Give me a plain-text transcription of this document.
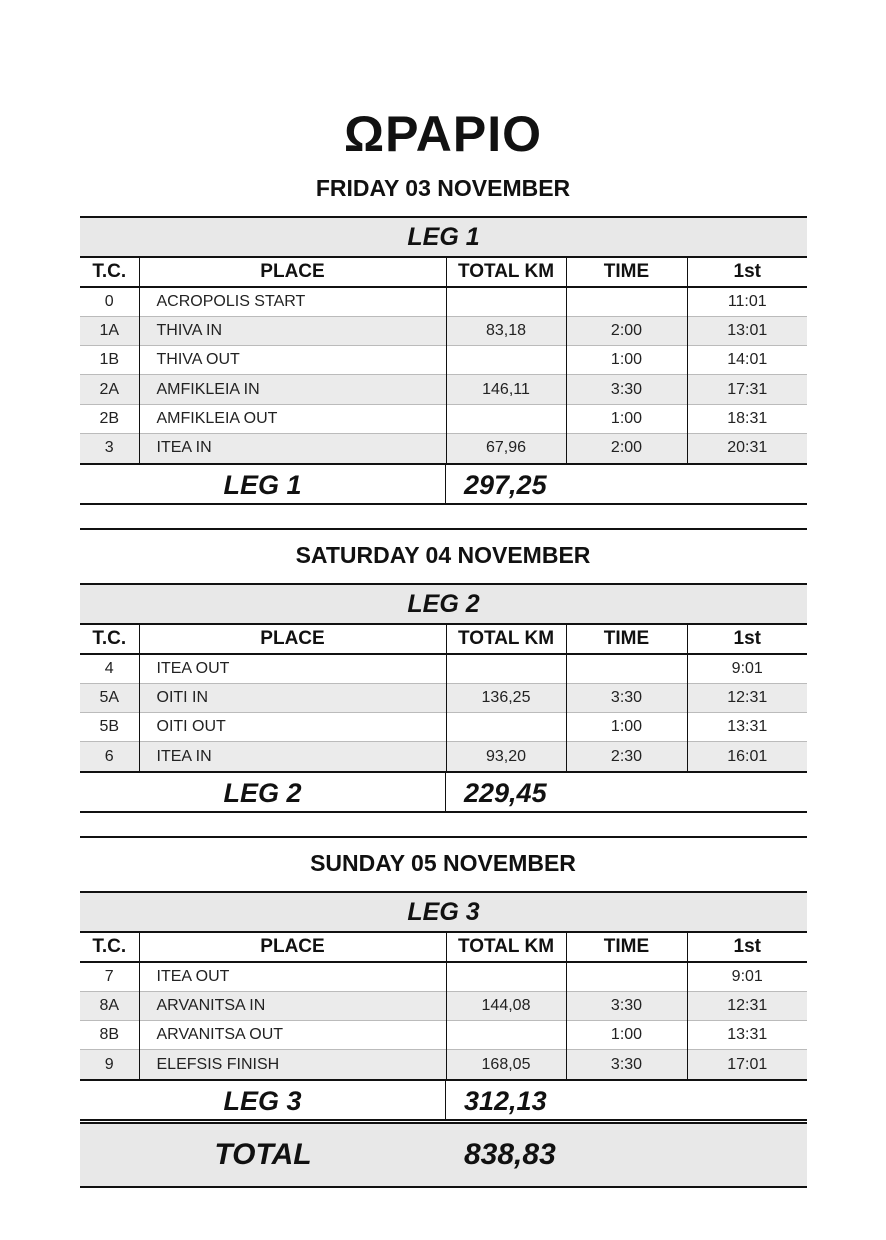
ΩΡΑΡΙΟ
FRIDAY 03 NOVEMBER
LEG 1
T.C.	PLACE	TOTAL KM	TIME	1st
0	ACROPOLIS START			11:01
1A	THIVA IN	83,18	2:00	13:01
1B	THIVA OUT		1:00	14:01
2A	AMFIKLEIA IN	146,11	3:30	17:31
2B	AMFIKLEIA OUT		1:00	18:31
3	ITEA IN	67,96	2:00	20:31
LEG 1	297,25
SATURDAY 04 NOVEMBER
LEG 2
T.C.	PLACE	TOTAL KM	TIME	1st
4	ITEA OUT			9:01
5A	OITI IN	136,25	3:30	12:31
5B	OITI OUT		1:00	13:31
6	ITEA IN	93,20	2:30	16:01
LEG 2	229,45
SUNDAY 05 NOVEMBER
LEG 3
T.C.	PLACE	TOTAL KM	TIME	1st
7	ITEA OUT			9:01
8A	ARVANITSA IN	144,08	3:30	12:31
8B	ARVANITSA OUT		1:00	13:31
9	ELEFSIS FINISH	168,05	3:30	17:01
LEG 3	312,13
TOTAL	838,83
